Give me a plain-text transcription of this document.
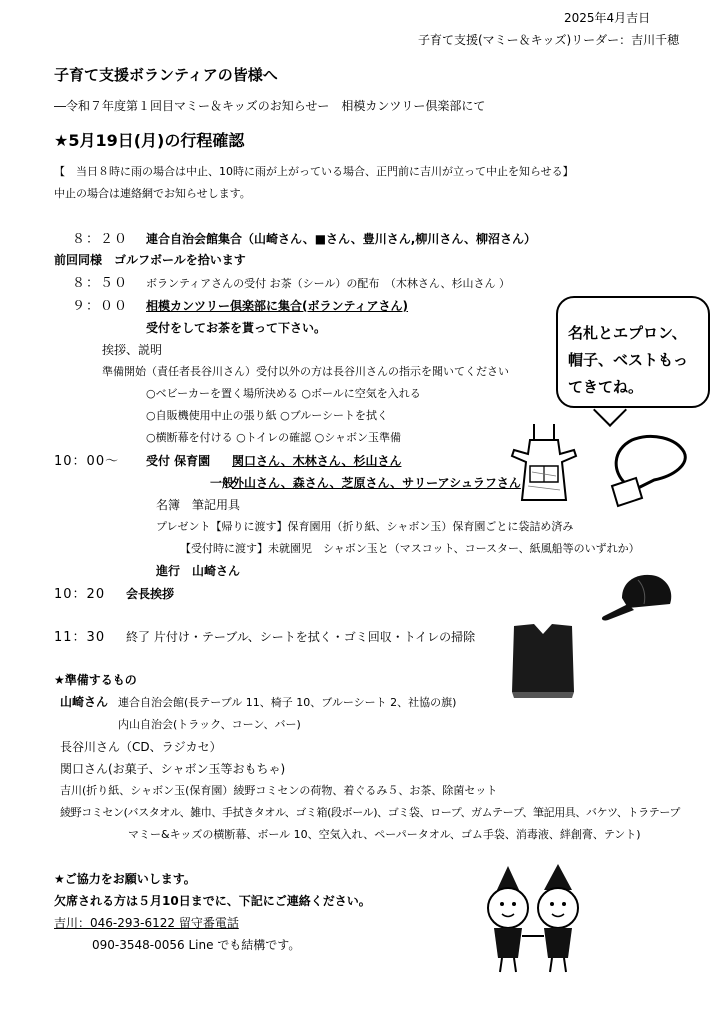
2025年4月吉日
子育て支援(マミー＆キッズ)リーダー：吉川千穂
子育て支援ボランティアの皆様へ
―令和７年度第１回目マミー＆キッズのお知らせー　相模カンツリー倶楽部にて
★5月19日(月)の行程確認
【　当日８時に雨の場合は中止、10時に雨が上がっている場合、正門前に吉川が立って中止を知らせる】
中止の場合は連絡網でお知らせします。
８：２０ 連合自治会館集合（山崎さん、■さん、豊川さん,柳川さん、柳沼さん）
前回同様　ゴルフボールを拾います
８：５０ ボランティアさんの受付 お茶（シール）の配布　（木林さん、杉山さん ）
９：００ 相模カンツリー倶楽部に集合(ボランティアさん)
受付をしてお茶を貰って下さい。
挨拶、説明
準備開始（責任者長谷川さん）受付以外の方は長谷川さんの指示を聞いてください
○ベビーカーを置く場所決める ○ボールに空気を入れる
○自販機使用中止の張り紙 ○ブルーシートを拭く
○横断幕を付ける ○トイレの確認 ○シャボン玉準備
10：00～ 受付 保育園 関口さん、木林さん、杉山さん
一般
外山さん、森さん、芝原さん、サリーアシュラフさん
名簿　筆記用具
プレゼント【帰りに渡す】保育園用（折り紙、シャボン玉）保育園ごとに袋詰め済み
【受付時に渡す】未就園児　シャボン玉と（マスコット、コースター、紙風船等のいずれか）
進行　山崎さん
10：20 会長挨拶
11：30 終了 片付け・テーブル、シートを拭く・ゴミ回収・トイレの掃除
★準備するもの
山崎さん 連合自治会館(長テーブル 11、椅子 10、ブルーシート 2、社協の旗)
内山自治会(トラック、コーン、バー)
長谷川さん（CD、ラジカセ）
関口さん(お菓子、シャボン玉等おもちゃ)
吉川(折り紙、シャボン玉(保育園）綾野コミセンの荷物、着ぐるみ５、お茶、除菌セット
綾野コミセン(バスタオル、雑巾、手拭きタオル、ゴミ箱(段ボール)、ゴミ袋、ロープ、ガムテープ、筆記用具、バケツ、トラテープ
マミー&キッズの横断幕、ボール 10、空気入れ、ペーパータオル、ゴム手袋、消毒液、絆創膏、テント)
★ご協力をお願いします。
欠席される方は５月10日までに、下記にご連絡ください。
吉川：046-293-6122 留守番電話
090-3548-0056 Line でも結構です。
名札とエプロン、
帽子、ベストもっ
てきてね。
